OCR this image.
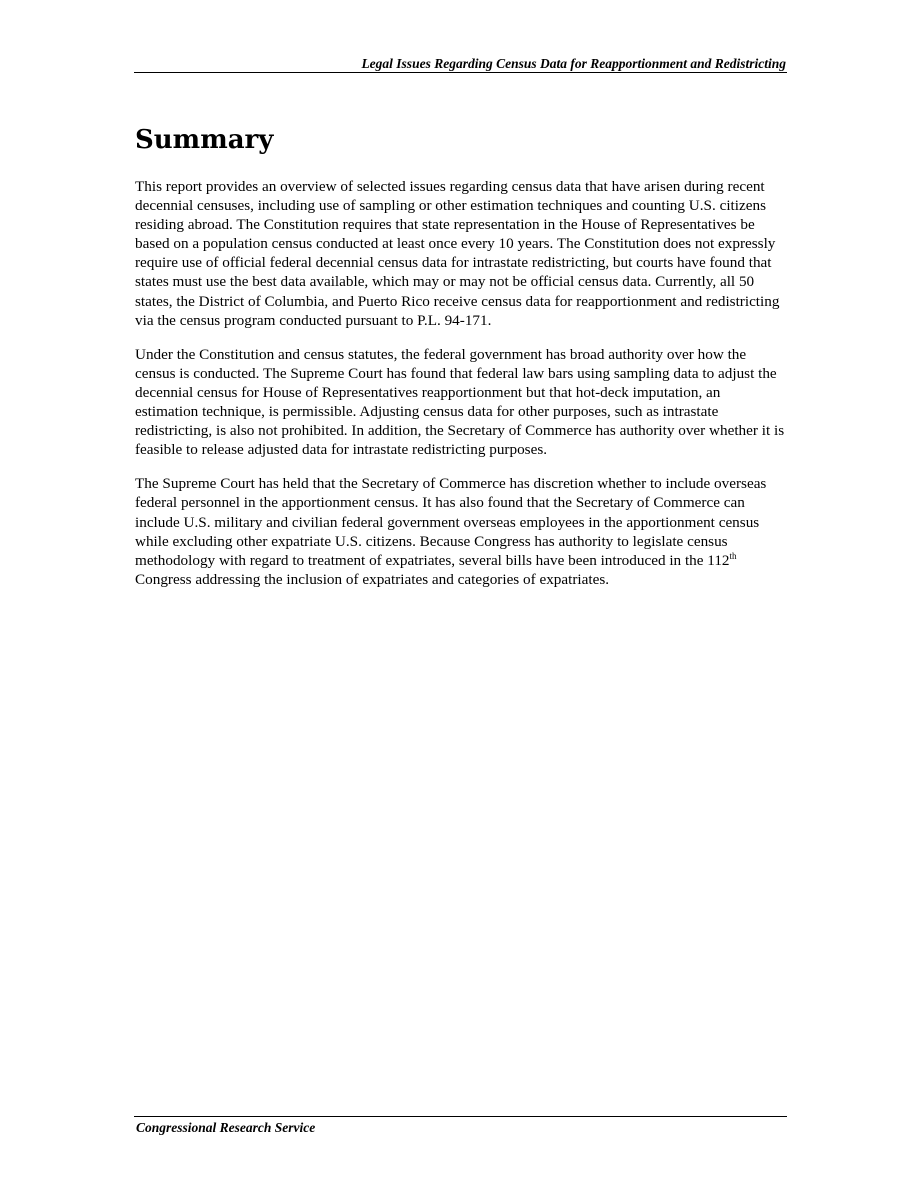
Legal Issues Regarding Census Data for Reapportionment and Redistricting
Summary

This report provides an overview of selected issues regarding census data that have arisen during recent decennial censuses, including use of sampling or other estimation techniques and counting U.S. citizens residing abroad. The Constitution requires that state representation in the House of Representatives be based on a population census conducted at least once every 10 years. The Constitution does not expressly require use of official federal decennial census data for intrastate redistricting, but courts have found that states must use the best data available, which may or may not be official census data. Currently, all 50 states, the District of Columbia, and Puerto Rico receive census data for reapportionment and redistricting via the census program conducted pursuant to P.L. 94-171.

Under the Constitution and census statutes, the federal government has broad authority over how the census is conducted. The Supreme Court has found that federal law bars using sampling data to adjust the decennial census for House of Representatives reapportionment but that hot-deck imputation, an estimation technique, is permissible. Adjusting census data for other purposes, such as intrastate redistricting, is also not prohibited. In addition, the Secretary of Commerce has authority over whether it is feasible to release adjusted data for intrastate redistricting purposes.

The Supreme Court has held that the Secretary of Commerce has discretion whether to include overseas federal personnel in the apportionment census. It has also found that the Secretary of Commerce can include U.S. military and civilian federal government overseas employees in the apportionment census while excluding other expatriate U.S. citizens. Because Congress has authority to legislate census methodology with regard to treatment of expatriates, several bills have been introduced in the 112th Congress addressing the inclusion of expatriates and categories of expatriates.

Congressional Research Service
